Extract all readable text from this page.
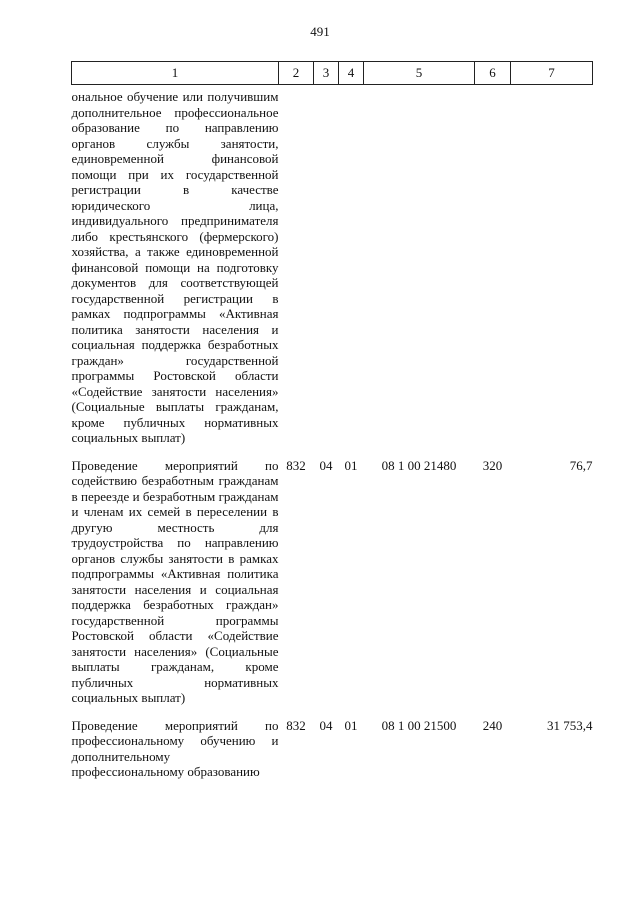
491
1	2	3	4	5	6	7

ональное обучение или получившим дополнительное профессиональное образование по направлению органов службы занятости, единовременной финансовой помощи при их государственной регистрации в качестве юридического лица, индивидуального предпринимателя либо крестьянского (фермерского) хозяйства, а также единовременной финансовой помощи на подготовку документов для соответствующей государственной регистрации в рамках подпрограммы «Активная политика занятости населения и социальная поддержка безработных граждан» государственной программы Ростовской области «Содействие занятости населения» (Социальные выплаты гражданам, кроме публичных нормативных социальных выплат)						

Проведение мероприятий по содействию безработным гражданам в переезде и безработным гражданам и членам их семей в переселении в другую местность для трудоустройства по направлению органов службы занятости в рамках подпрограммы «Активная политика занятости населения и социальная поддержка безработных граждан» государственной программы Ростовской области «Содействие занятости населения» (Социальные выплаты гражданам, кроме публичных нормативных социальных выплат)	832	04	01	08 1 00 21480	320	76,7

Проведение мероприятий по профессиональному обучению и дополнительному профессиональному образованию	832	04	01	08 1 00 21500	240	31 753,4
